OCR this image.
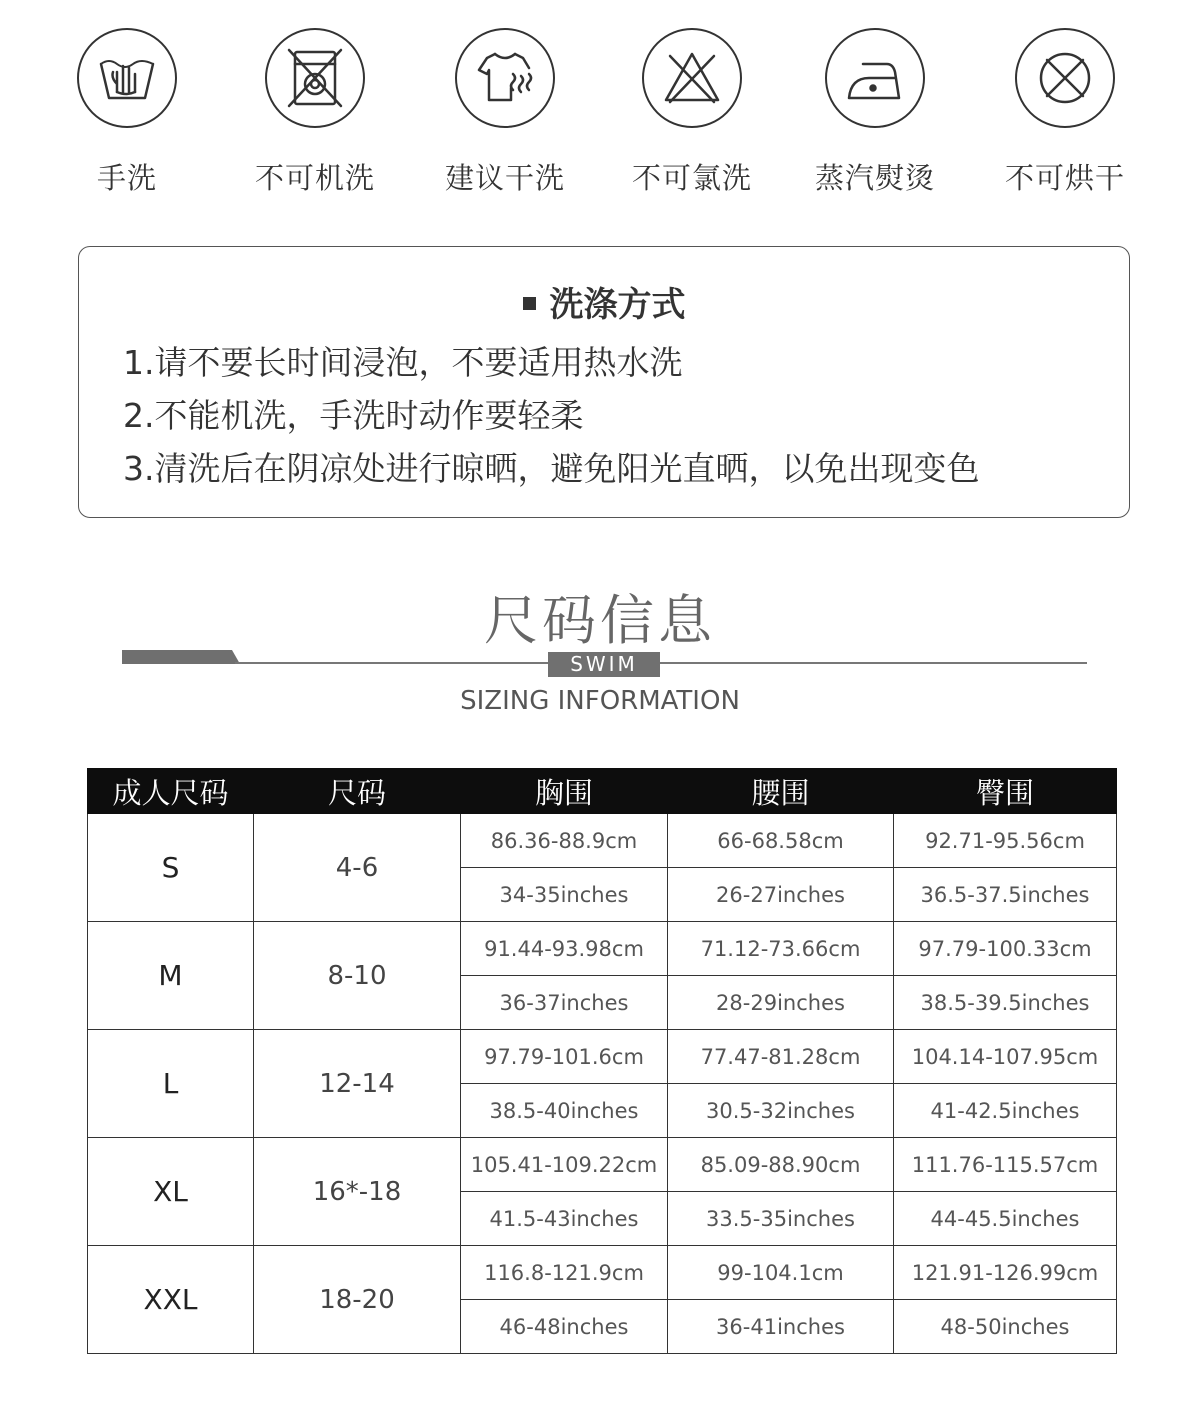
手洗	不可机洗	建议干洗	不可氯洗	蒸汽熨烫	不可烘干
洗涤方式
1.请不要长时间浸泡，不要适用热水洗
2.不能机洗，手洗时动作要轻柔
3.清洗后在阴凉处进行晾晒，避免阳光直晒，以免出现变色
尺码信息
SWIM
SIZING INFORMATION
成人尺码	尺码	胸围	腰围	臀围
S	4-6	86.36-88.9cm	66-68.58cm	92.71-95.56cm
		34-35inches	26-27inches	36.5-37.5inches
M	8-10	91.44-93.98cm	71.12-73.66cm	97.79-100.33cm
		36-37inches	28-29inches	38.5-39.5inches
L	12-14	97.79-101.6cm	77.47-81.28cm	104.14-107.95cm
		38.5-40inches	30.5-32inches	41-42.5inches
XL	16*-18	105.41-109.22cm	85.09-88.90cm	111.76-115.57cm
		41.5-43inches	33.5-35inches	44-45.5inches
XXL	18-20	116.8-121.9cm	99-104.1cm	121.91-126.99cm
		46-48inches	36-41inches	48-50inches
